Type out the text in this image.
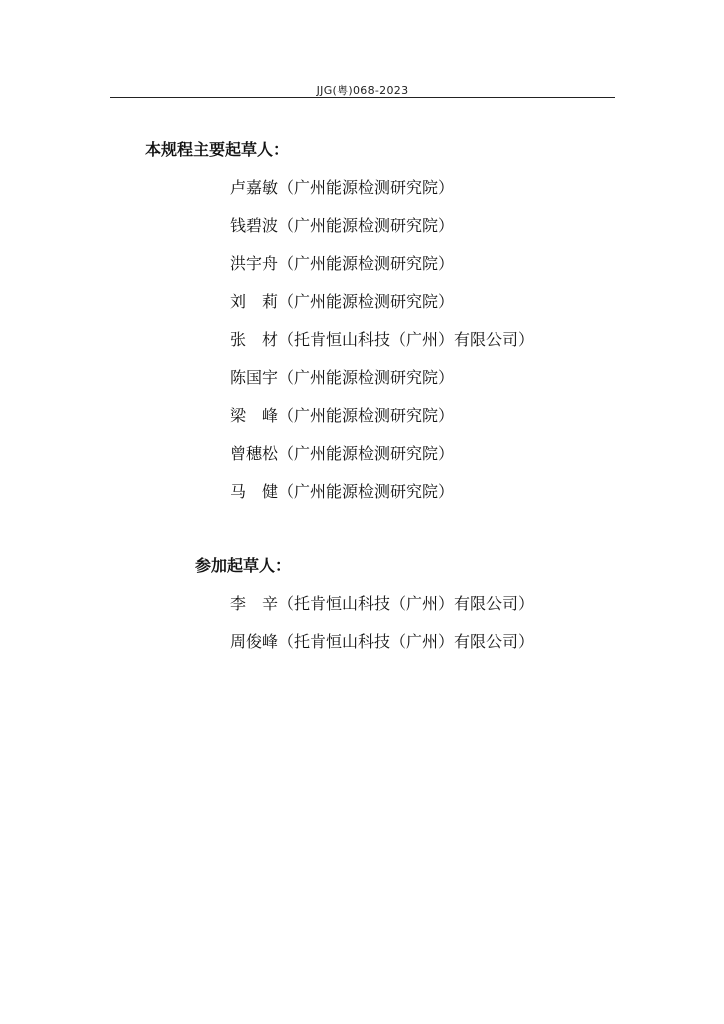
JJG(粤)068-2023
本规程主要起草人：
卢嘉敏（广州能源检测研究院）
钱碧波（广州能源检测研究院）
洪宇舟（广州能源检测研究院）
刘　莉（广州能源检测研究院）
张　材（托肯恒山科技（广州）有限公司）
陈国宇（广州能源检测研究院）
梁　峰（广州能源检测研究院）
曾穗松（广州能源检测研究院）
马　健（广州能源检测研究院）
参加起草人：
李　辛（托肯恒山科技（广州）有限公司）
周俊峰（托肯恒山科技（广州）有限公司）
